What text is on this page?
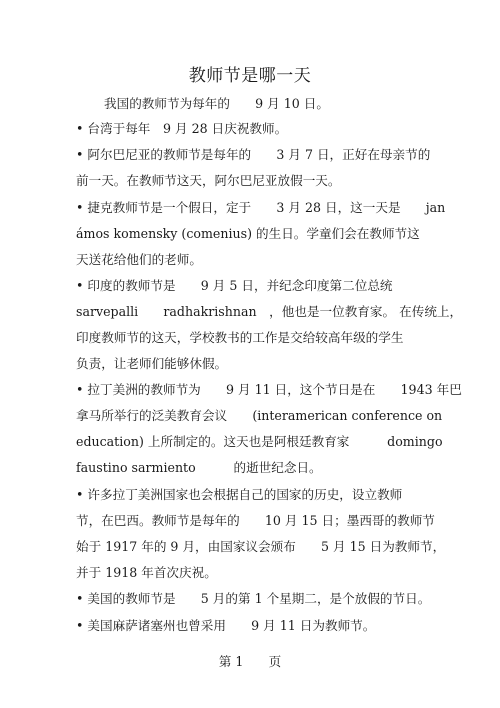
教师节是哪一天
我国的教师节为每年的　　9 月 10 日。
• 台湾于每年　9 月 28 日庆祝教师。
• 阿尔巴尼亚的教师节是每年的　　3 月 7 日，正好在母亲节的
前一天。在教师节这天，阿尔巴尼亚放假一天。
• 捷克教师节是一个假日，定于　　3 月 28 日，这一天是　　jan
ámos komensky (comenius) 的生日。学童们会在教师节这
天送花给他们的老师。
• 印度的教师节是　　9 月 5 日，并纪念印度第二位总统
sarvepalli　　radhakrishnan　，他也是一位教育家。 在传统上，
印度教师节的这天，学校教书的工作是交给较高年级的学生
负责，让老师们能够休假。
• 拉丁美洲的教师节为　　9 月 11 日，这个节日是在　　1943 年巴
拿马所举行的泛美教育会议　　(interamerican conference on
education) 上所制定的。这天也是阿根廷教育家　　　domingo
faustino sarmiento　　　的逝世纪念日。
• 许多拉丁美洲国家也会根据自己的国家的历史，设立教师
节，在巴西。教师节是每年的　　10 月 15 日；墨西哥的教师节
始于 1917 年的 9 月，由国家议会颁布　　5 月 15 日为教师节，
并于 1918 年首次庆祝。
• 美国的教师节是　　5 月的第 1 个星期二，是个放假的节日。
• 美国麻萨诸塞州也曾采用　　9 月 11 日为教师节。
第 1　　页
